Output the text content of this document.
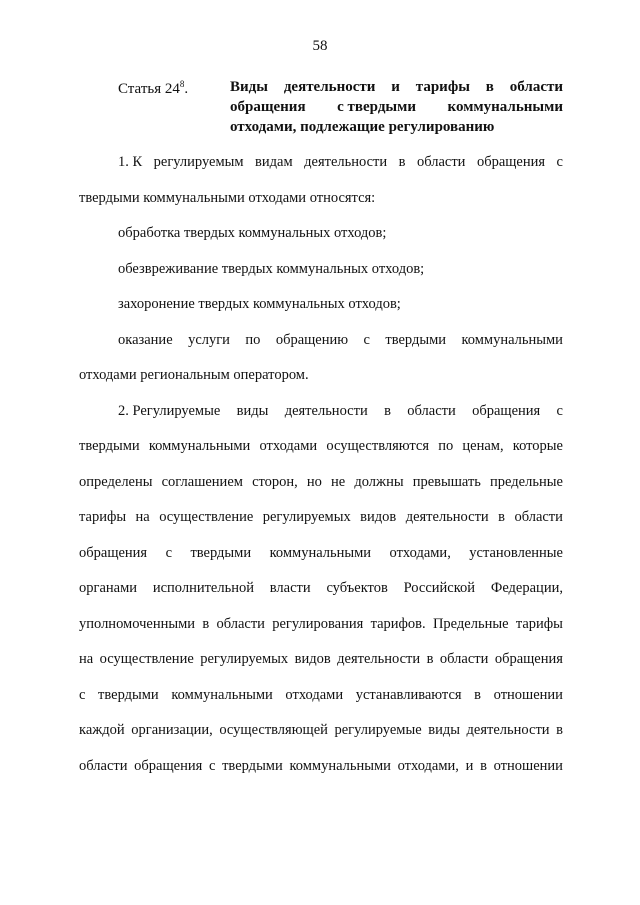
58
Статья $24^8$.	Виды деятельности и тарифы в области
обращения с твердыми коммунальными
отходами, подлежащие регулированию
1. К регулируемым видам деятельности в области обращения с
твердыми коммунальными отходами относятся:
обработка твердых коммунальных отходов;
обезвреживание твердых коммунальных отходов;
захоронение твердых коммунальных отходов;
оказание услуги по обращению с твердыми коммунальными
отходами региональным оператором.
2. Регулируемые виды деятельности в области обращения с
твердыми коммунальными отходами осуществляются по ценам, которые
определены соглашением сторон, но не должны превышать предельные
тарифы на осуществление регулируемых видов деятельности в области
обращения с твердыми коммунальными отходами, установленные
органами исполнительной власти субъектов Российской Федерации,
уполномоченными в области регулирования тарифов. Предельные тарифы
на осуществление регулируемых видов деятельности в области обращения
с твердыми коммунальными отходами устанавливаются в отношении
каждой организации, осуществляющей регулируемые виды деятельности в
области обращения с твердыми коммунальными отходами, и в отношении
